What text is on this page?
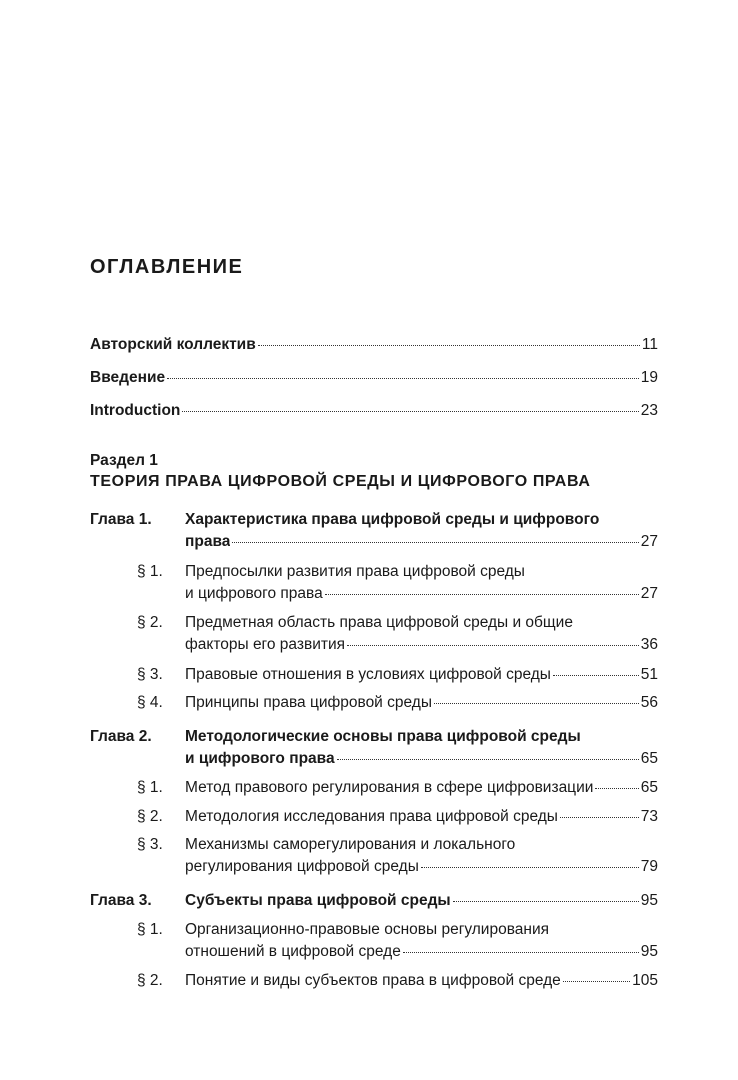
ОГЛАВЛЕНИЕ
Авторский коллектив	11
Введение	19
Introduction	23
Раздел 1
ТЕОРИЯ ПРАВА ЦИФРОВОЙ СРЕДЫ И ЦИФРОВОГО ПРАВА
Глава 1. Характеристика права цифровой среды и цифрового
права	27
§ 1. Предпосылки развития права цифровой среды
и цифрового права	27
§ 2. Предметная область права цифровой среды и общие
факторы его развития	36
§ 3. Правовые отношения в условиях цифровой среды	51
§ 4. Принципы права цифровой среды	56
Глава 2. Методологические основы права цифровой среды
и цифрового права	65
§ 1. Метод правового регулирования в сфере цифровизации	65
§ 2. Методология исследования права цифровой среды	73
§ 3. Механизмы саморегулирования и локального
регулирования цифровой среды	79
Глава 3. Субъекты права цифровой среды	95
§ 1. Организационно-правовые основы регулирования
отношений в цифровой среде	95
§ 2. Понятие и виды субъектов права в цифровой среде	105
